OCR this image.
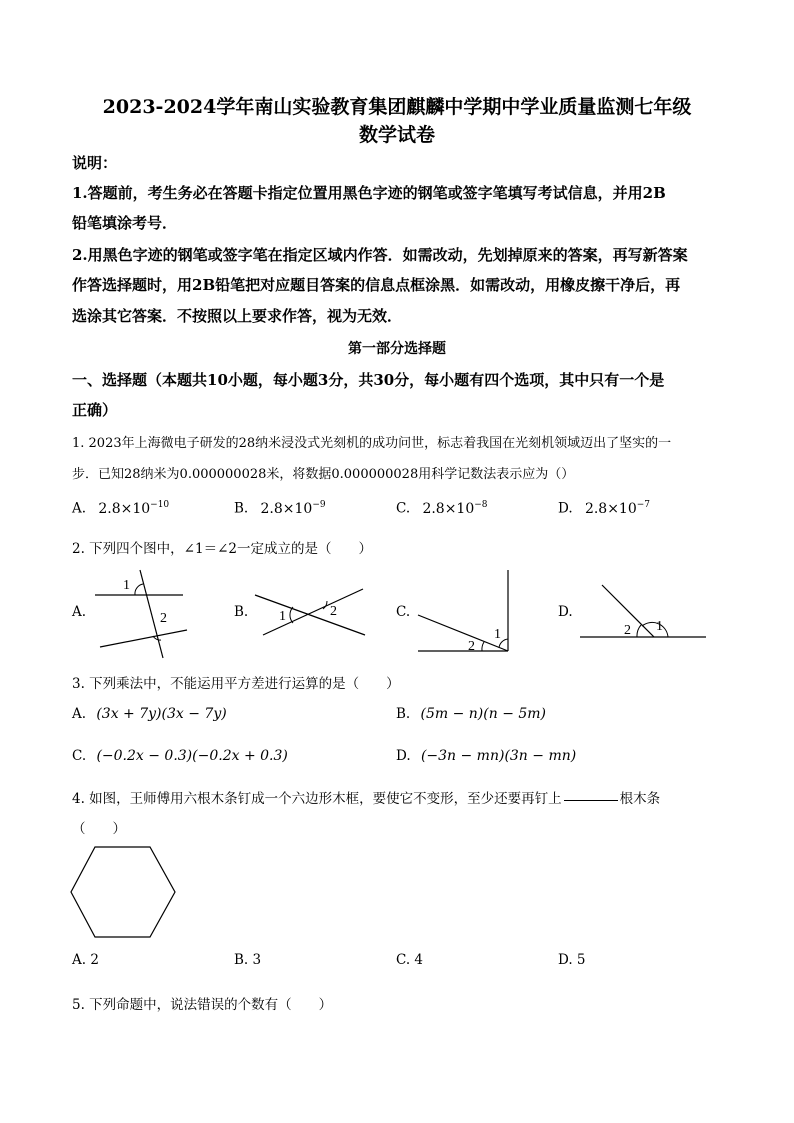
2023-2024学年南山实验教育集团麒麟中学期中学业质量监测七年级
数学试卷
说明：
1.答题前，考生务必在答题卡指定位置用黑色字迹的钢笔或签字笔填写考试信息，并用2B
铅笔填涂考号．
2.用黑色字迹的钢笔或签字笔在指定区域内作答．如需改动，先划掉原来的答案，再写新答案
作答选择题时，用2B铅笔把对应题目答案的信息点框涂黑．如需改动，用橡皮擦干净后，再
选涂其它答案．不按照以上要求作答，视为无效．
第一部分选择题
一、选择题（本题共10小题，每小题3分，共30分，每小题有四个选项，其中只有一个是
正确）
1. 2023年上海微电子研发的28纳米浸没式光刻机的成功问世，标志着我国在光刻机领域迈出了坚实的一
步．已知28纳米为0.000000028米，将数据0.000000028用科学记数法表示应为（）
A. $2.8\times 10^{-10}$	B. $2.8\times 10^{-9}$	C. $2.8\times 10^{-8}$	D. $2.8\times 10^{-7}$
2. 下列四个图中，∠1＝∠2一定成立的是（　　）
A.
1
2	B. 1	2	C.
1
2
D.
1
2
3. 下列乘法中，不能运用平方差进行运算的是（　　）
A. (3x + 7y)(3x − 7y)	B. (5m − n)(n − 5m)
C. (−0.2x − 0.3)(−0.2x + 0.3)	D. (−3n − mn)(3n − mn)
4. 如图，王师傅用六根木条钉成一个六边形木框，要使它不变形，至少还要再钉上	根木条
（　　）
A. 2	B. 3	C. 4	D. 5
5. 下列命题中，说法错误的个数有（　　）
